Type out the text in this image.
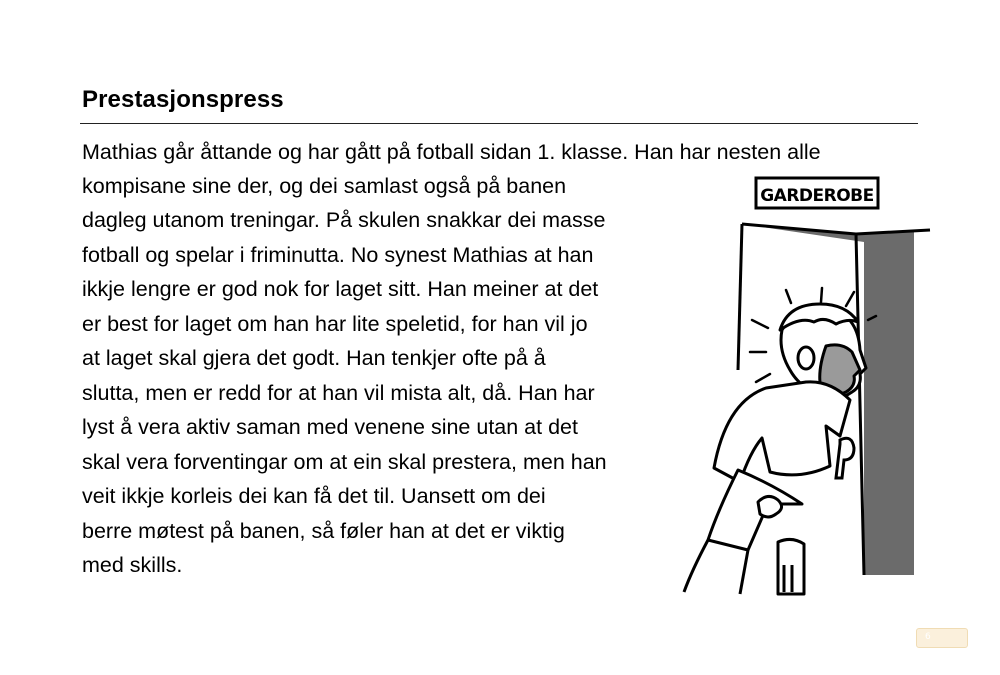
Prestasjonspress
Mathias går åttande og har gått på fotball sidan 1. klasse. Han har nesten alle
kompisane sine der, og dei samlast også på banen
dagleg utanom treningar. På skulen snakkar dei masse
fotball og spelar i friminutta. No synest Mathias at han
ikkje lengre er god nok for laget sitt. Han meiner at det
er best for laget om han har lite speletid, for han vil jo
at laget skal gjera det godt. Han tenkjer ofte på å
slutta, men er redd for at han vil mista alt, då. Han har
lyst å vera aktiv saman med venene sine utan at det
skal vera forventingar om at ein skal prestera, men han
veit ikkje korleis dei kan få det til. Uansett om dei
berre møtest på banen, så føler han at det er viktig
med skills.
GARDEROBE
6
